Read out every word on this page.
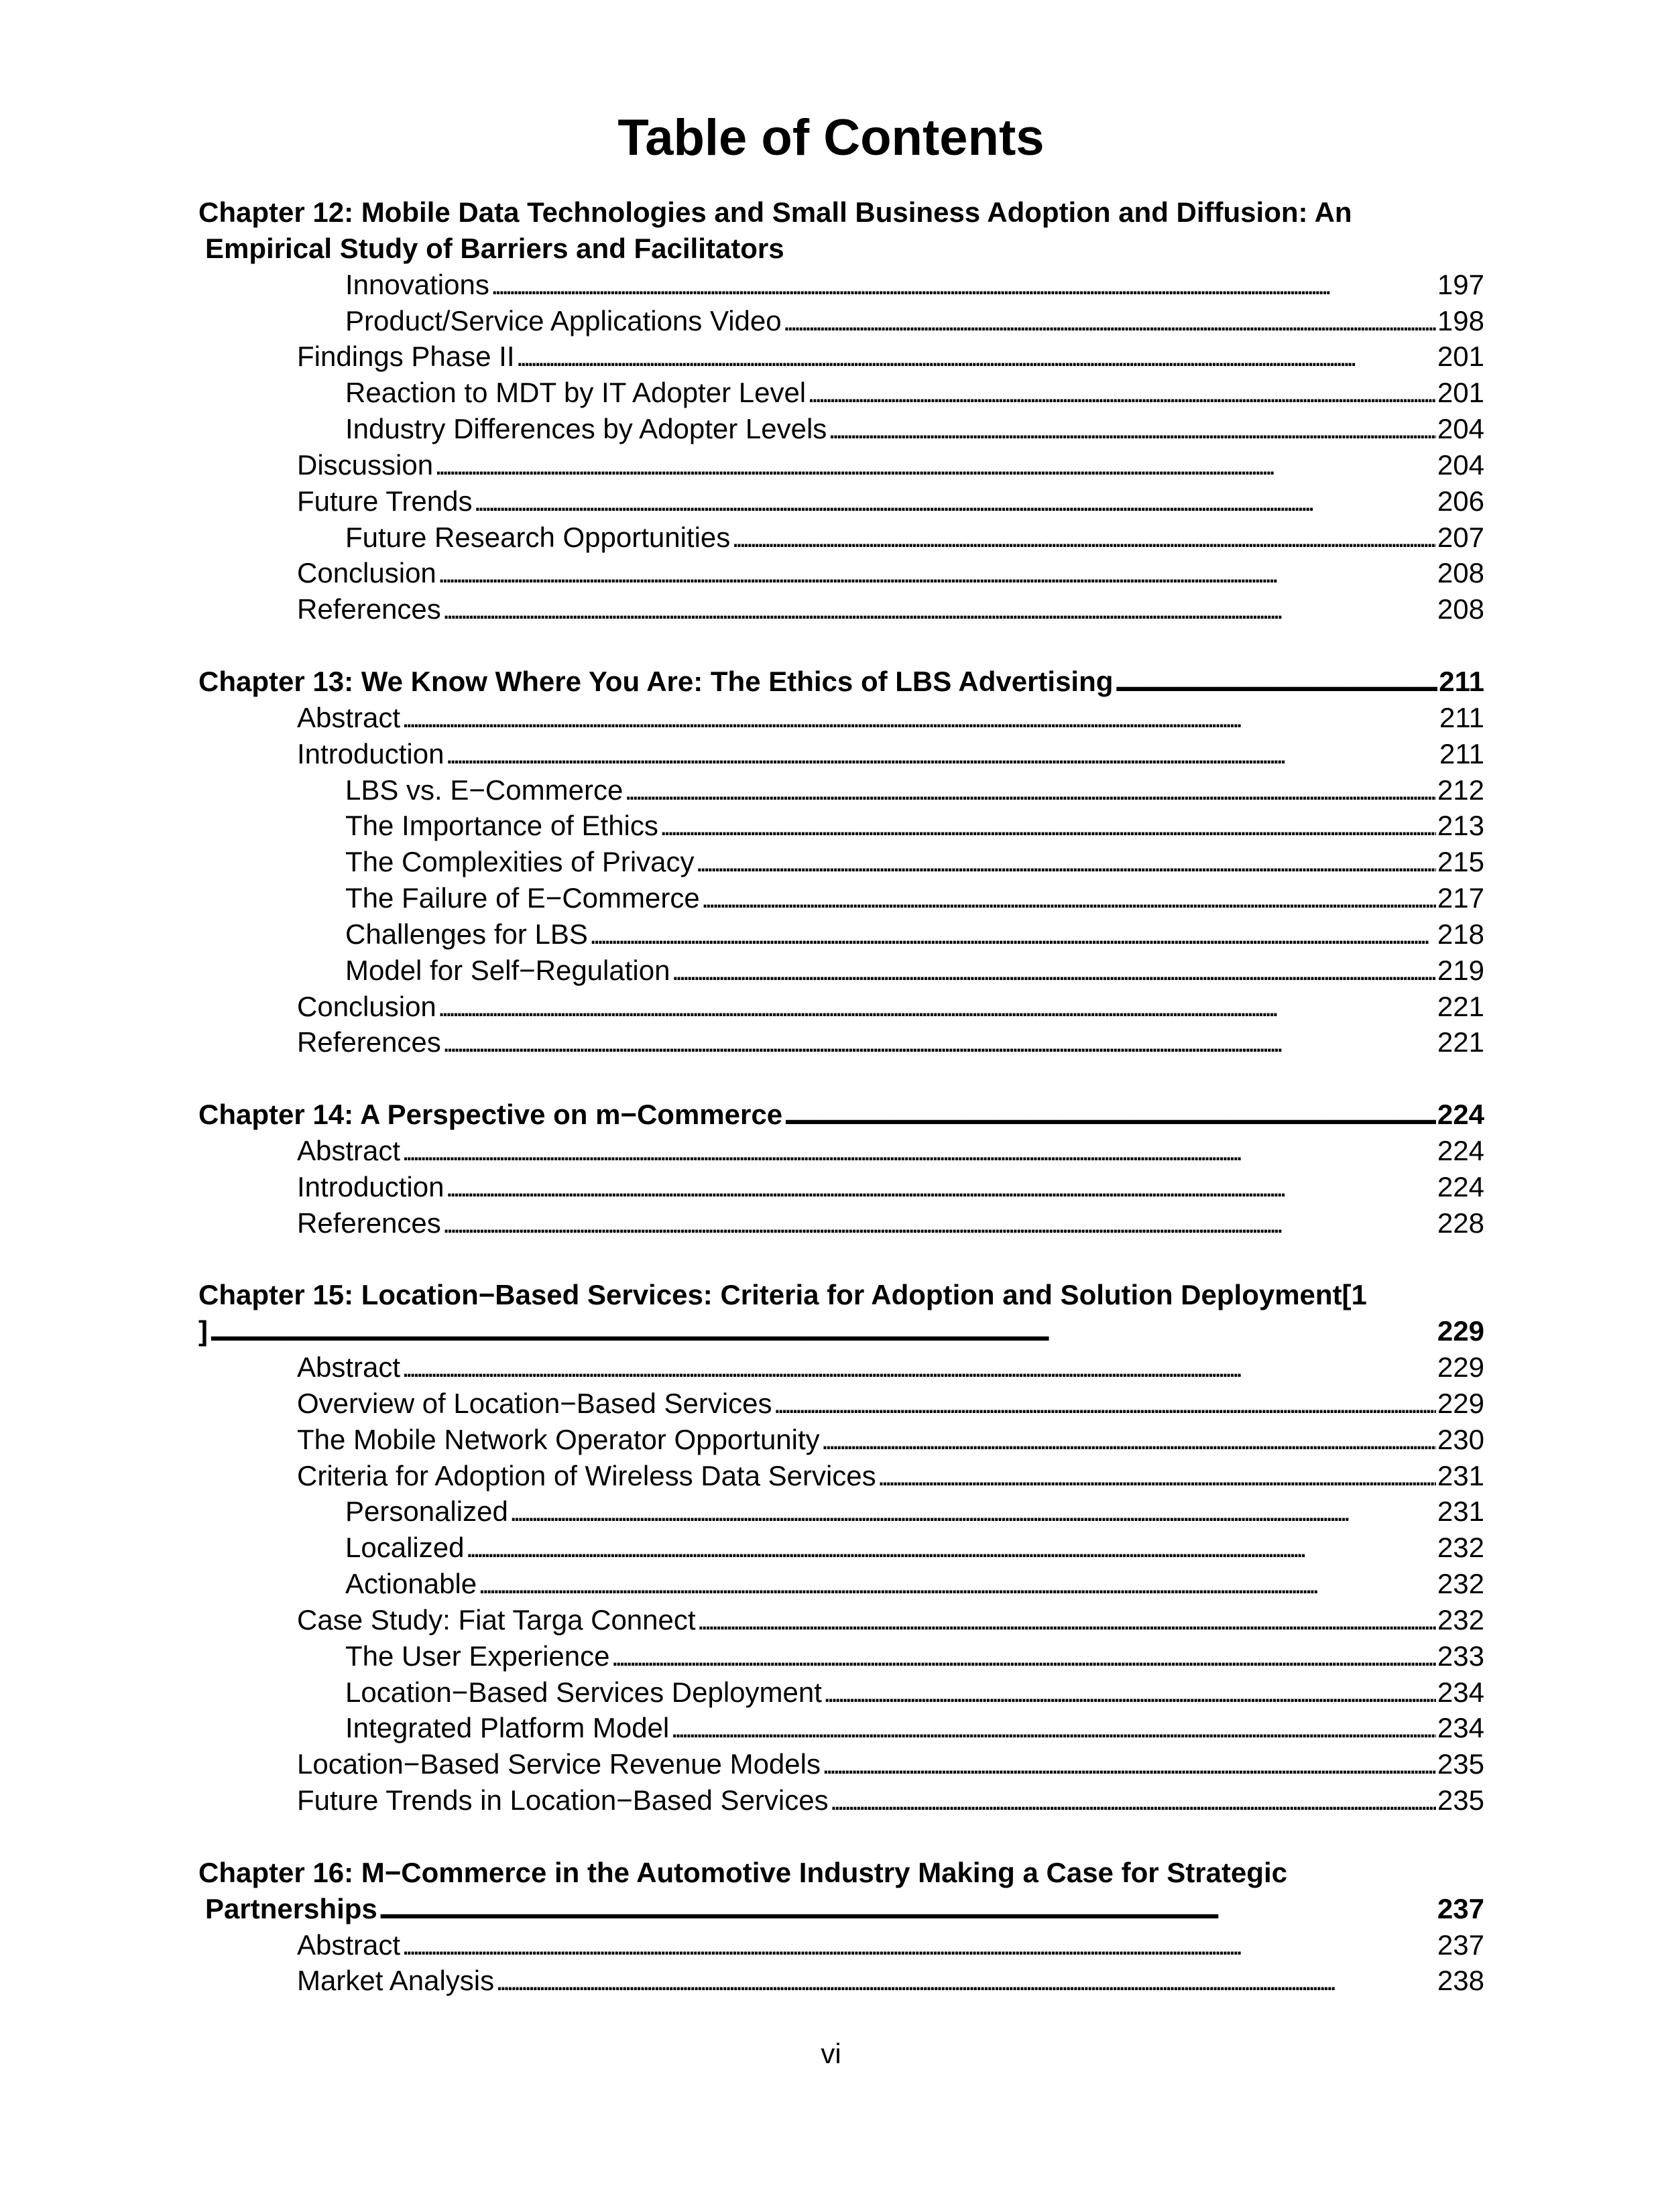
Table of Contents
Chapter 12: Mobile Data Technologies and Small Business Adoption and Diffusion: An
Empirical Study of Barriers and Facilitators
Innovations . . .	197
Product/Service Applications Video . . .	198
Findings Phase II . . .	201
Reaction to MDT by IT Adopter Level . . .	201
Industry Differences by Adopter Levels . . .	204
Discussion . . .	204
Future Trends . . .	206
Future Research Opportunities . . .	207
Conclusion . . .	208
References . . .	208
Chapter 13: We Know Where You Are: The Ethics of LBS Advertising . . .	211
Abstract . . .	211
Introduction . . .	211
LBS vs. E−Commerce . . .	212
The Importance of Ethics . . .	213
The Complexities of Privacy . . .	215
The Failure of E−Commerce . . .	217
Challenges for LBS . . .	218
Model for Self−Regulation . . .	219
Conclusion . . .	221
References . . .	221
Chapter 14: A Perspective on m−Commerce . . .	224
Abstract . . .	224
Introduction . . .	224
References . . .	228
Chapter 15: Location−Based Services: Criteria for Adoption and Solution Deployment[1
] . . .	229
Abstract . . .	229
Overview of Location−Based Services . . .	229
The Mobile Network Operator Opportunity . . .	230
Criteria for Adoption of Wireless Data Services . . .	231
Personalized . . .	231
Localized . . .	232
Actionable . . .	232
Case Study: Fiat Targa Connect . . .	232
The User Experience . . .	233
Location−Based Services Deployment . . .	234
Integrated Platform Model . . .	234
Location−Based Service Revenue Models . . .	235
Future Trends in Location−Based Services . . .	235
Chapter 16: M−Commerce in the Automotive Industry Making a Case for Strategic
Partnerships . . .	237
Abstract . . .	237
Market Analysis . . .	238
vi
